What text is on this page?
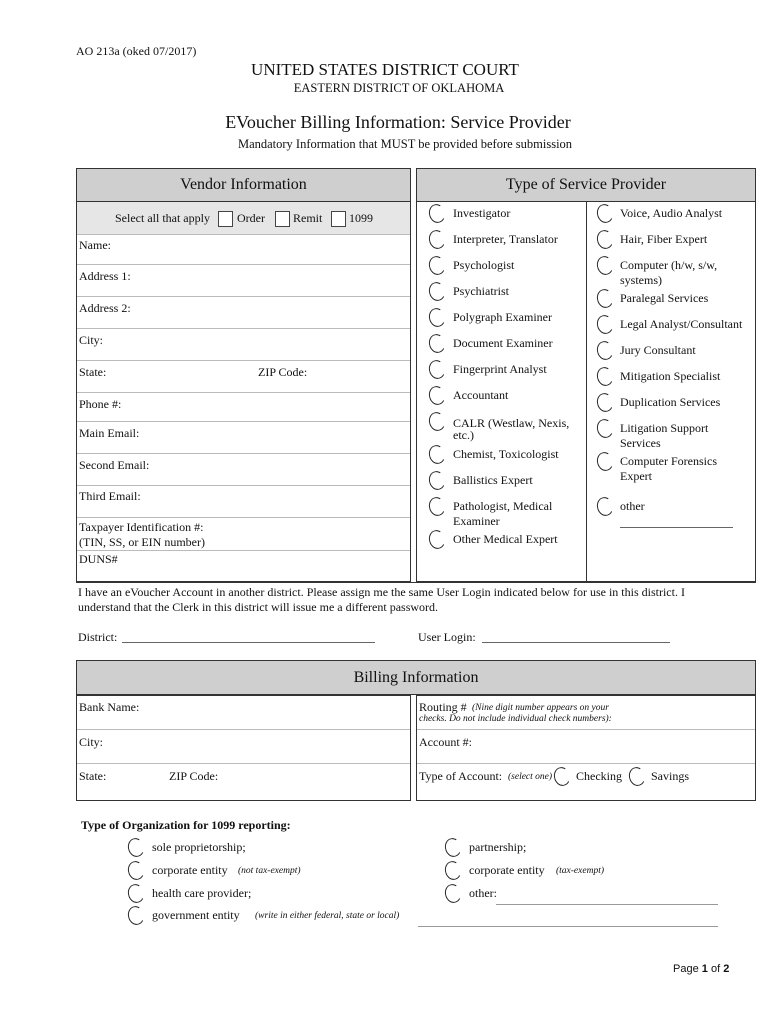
AO 213a (oked 07/2017)
UNITED STATES DISTRICT COURT
EASTERN DISTRICT OF OKLAHOMA
EVoucher Billing Information: Service Provider
Mandatory Information that MUST be provided before submission
Vendor Information
Select all that apply Order Remit 1099
Name:
Address 1:
Address 2:
City:
State:	ZIP Code:
Phone #:
Main Email:
Second Email:
Third Email:
Taxpayer Identification #:
(TIN, SS, or EIN number)
DUNS#
Type of Service Provider
Investigator
Interpreter, Translator
Psychologist
Psychiatrist
Polygraph Examiner
Document Examiner
Fingerprint Analyst
Accountant
CALR (Westlaw, Nexis,
etc.)
Chemist, Toxicologist
Ballistics Expert
Pathologist, Medical
Examiner
Other Medical Expert
Voice, Audio Analyst
Hair, Fiber Expert
Computer (h/w, s/w,
systems)
Paralegal Services
Legal Analyst/Consultant
Jury Consultant
Mitigation Specialist
Duplication Services
Litigation Support
Services
Computer Forensics
Expert
other
I have an eVoucher Account in another district. Please assign me the same User Login indicated below for use in this district. I
understand that the Clerk in this district will issue me a different password.
District:	User Login:
Billing Information
Bank Name:
City:
State:	ZIP Code:
Routing # (Nine digit number appears on your
checks. Do not include individual check numbers):
Account #:
Type of Account: (select one) Checking Savings
Type of Organization for 1099 reporting:
sole proprietorship;
corporate entity (not tax-exempt)
health care provider;
government entity (write in either federal, state or local)
partnership;
corporate entity (tax-exempt)
other:
Page 1 of 2
